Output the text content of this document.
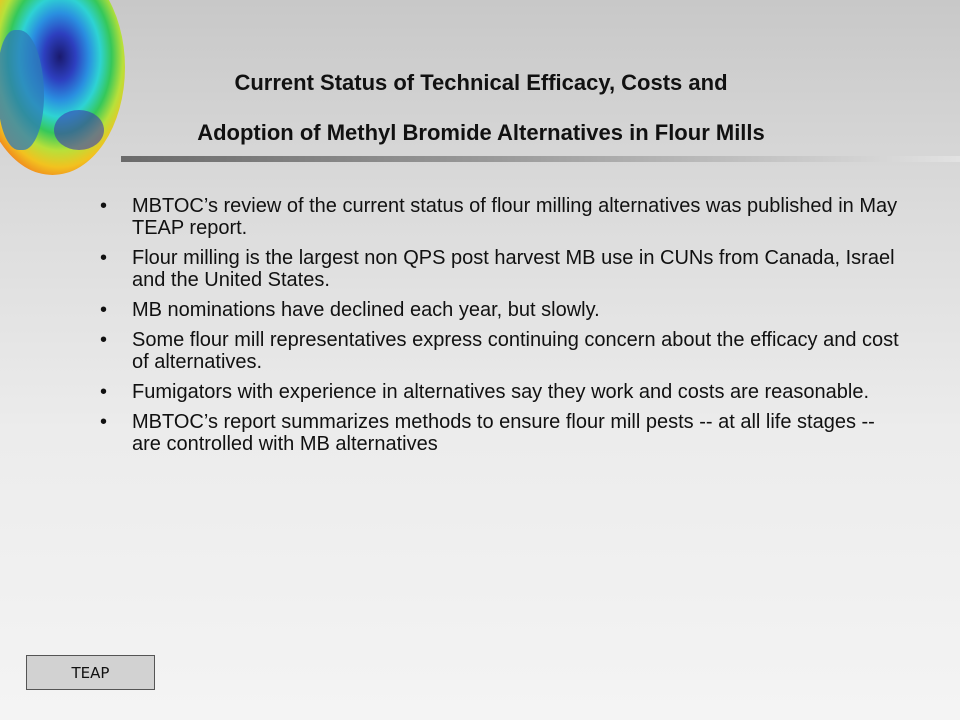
Current Status of Technical Efficacy, Costs and
Adoption of Methyl Bromide Alternatives in Flour Mills
• MBTOC’s review of the current status of flour milling alternatives was published in May TEAP report.
• Flour milling is the largest non QPS post harvest MB use in CUNs from Canada, Israel and the United States.
• MB nominations have declined each year, but slowly.
• Some flour mill representatives express continuing concern about the efficacy and cost of alternatives.
• Fumigators with experience in alternatives say they work and costs are reasonable.
• MBTOC’s report summarizes methods to ensure flour mill pests -- at all life stages -- are controlled with MB alternatives
TEAP
